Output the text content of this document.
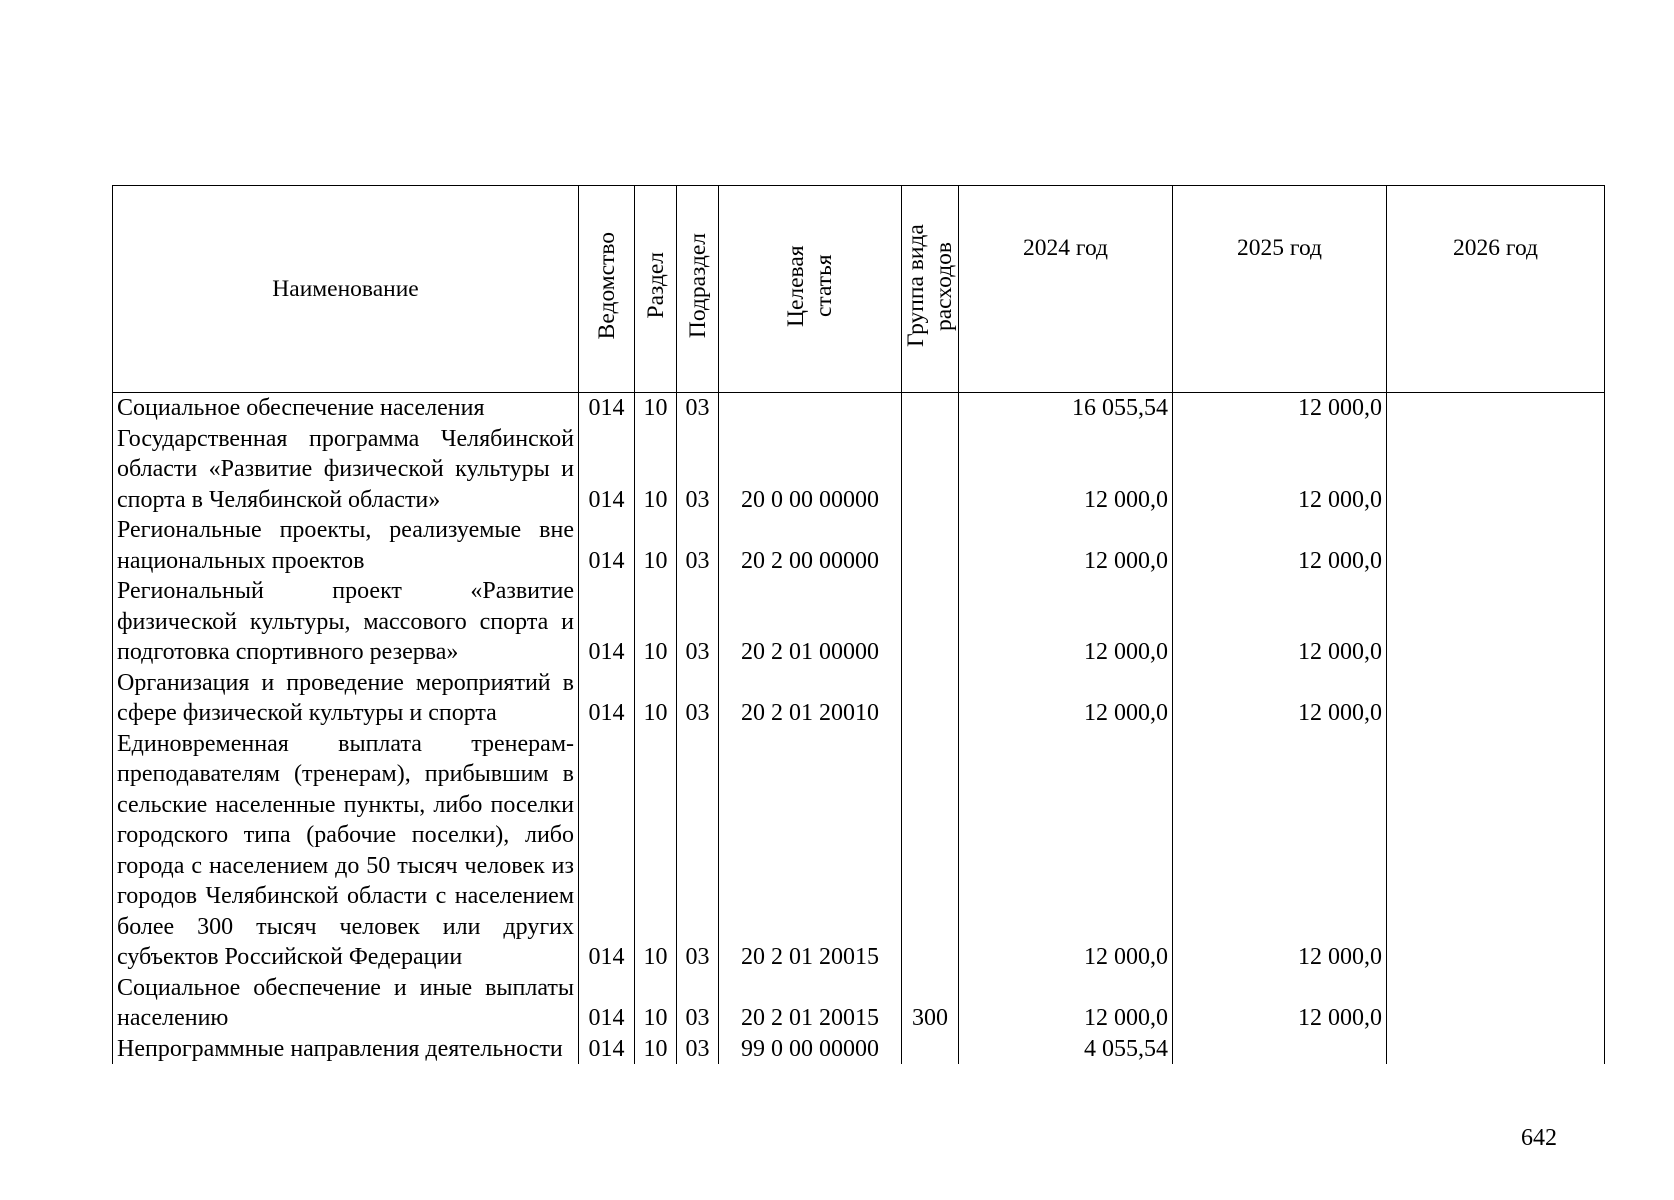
Наименование	Ведомство	Раздел	Подраздел	Целевая статья	Группа вида расходов	2024 год	2025 год	2026 год
Социальное обеспечение населения	014	10	03			16 055,54	12 000,0	
Государственная программа Челябинской области «Развитие физической культуры и спорта в Челябинской области»	014	10	03	20 0 00 00000		12 000,0	12 000,0	
Региональные проекты, реализуемые вне национальных проектов	014	10	03	20 2 00 00000		12 000,0	12 000,0	
Региональный проект «Развитие физической культуры, массового спорта и подготовка спортивного резерва»	014	10	03	20 2 01 00000		12 000,0	12 000,0	
Организация и проведение мероприятий в сфере физической культуры и спорта	014	10	03	20 2 01 20010		12 000,0	12 000,0	
Единовременная выплата тренерам-преподавателям (тренерам), прибывшим в сельские населенные пункты, либо поселки городского типа (рабочие поселки), либо города с населением до 50 тысяч человек из городов Челябинской области с населением более 300 тысяч человек или других субъектов Российской Федерации	014	10	03	20 2 01 20015		12 000,0	12 000,0	
Социальное обеспечение и иные выплаты населению	014	10	03	20 2 01 20015	300	12 000,0	12 000,0	
Непрограммные направления деятельности	014	10	03	99 0 00 00000		4 055,54		
642
